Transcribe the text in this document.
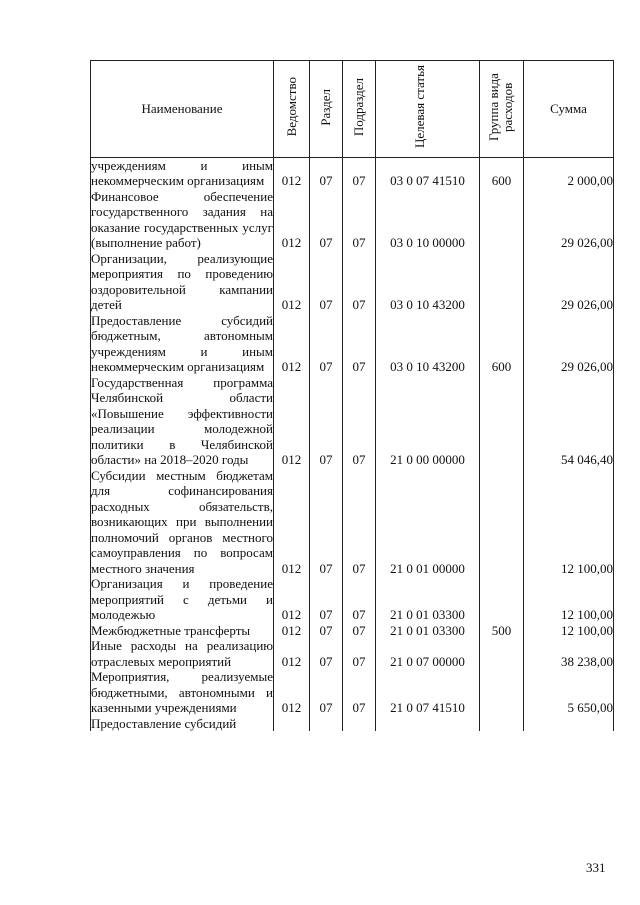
Наименование	Ведомство	Раздел	Подраздел	Целевая статья	Группа вида расходов	Сумма
учреждениям и иным некоммерческим организациям	012	07	07	03 0 07 41510	600	2 000,00
Финансовое обеспечение государственного задания на оказание государственных услуг (выполнение работ)	012	07	07	03 0 10 00000		29 026,00
Организации, реализующие мероприятия по проведению оздоровительной кампании детей	012	07	07	03 0 10 43200		29 026,00
Предоставление субсидий бюджетным, автономным учреждениям и иным некоммерческим организациям	012	07	07	03 0 10 43200	600	29 026,00
Государственная программа Челябинской области «Повышение эффективности реализации молодежной политики в Челябинской области» на 2018–2020 годы	012	07	07	21 0 00 00000		54 046,40
Субсидии местным бюджетам для софинансирования расходных обязательств, возникающих при выполнении полномочий органов местного самоуправления по вопросам местного значения	012	07	07	21 0 01 00000		12 100,00
Организация и проведение мероприятий с детьми и молодежью	012	07	07	21 0 01 03300		12 100,00
Межбюджетные трансферты	012	07	07	21 0 01 03300	500	12 100,00
Иные расходы на реализацию отраслевых мероприятий	012	07	07	21 0 07 00000		38 238,00
Мероприятия, реализуемые бюджетными, автономными и казенными учреждениями	012	07	07	21 0 07 41510		5 650,00
Предоставление субсидий						
331
